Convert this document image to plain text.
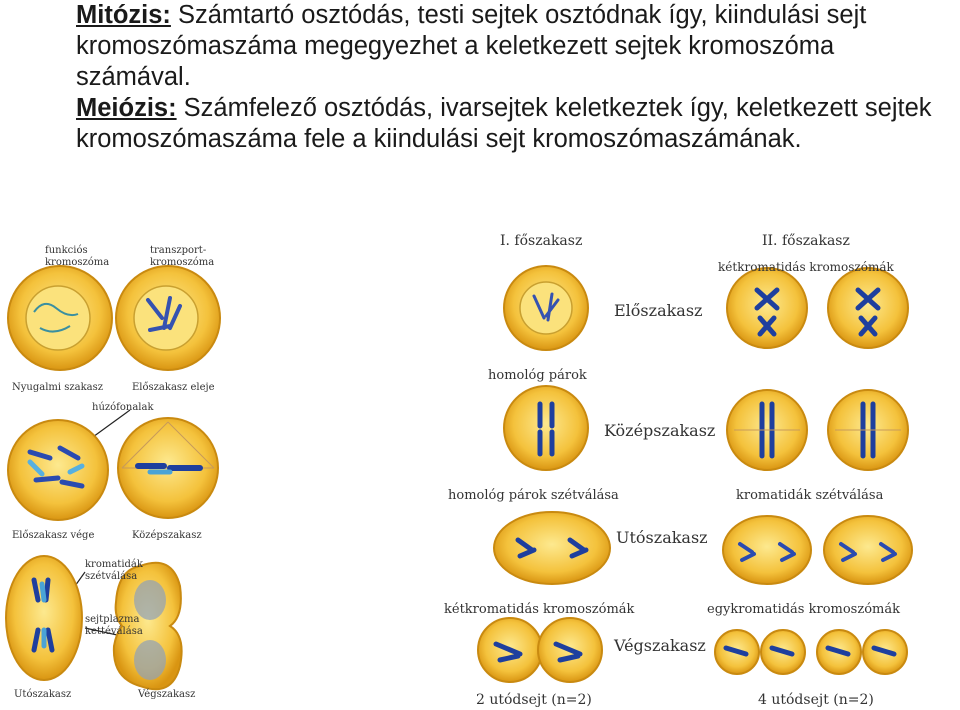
Mitózis: Számtartó osztódás, testi sejtek osztódnak így, kiindulási sejt kromoszómaszáma megegyezhet a keletkezett sejtek kromoszóma számával.

Meiózis: Számfelező osztódás, ivarsejtek keletkeztek így, keletkezett sejtek kromoszómaszáma fele a kiindulási sejt kromoszómaszámának.

funkciós
kromoszóma
transzport-
kromoszóma
Nyugalmi szakasz	Előszakasz eleje
húzófonalak
Előszakasz vége	Középszakasz
kromatidák
szétválása
sejtplazma
kettéválása
Utószakasz	Végszakasz
I. főszakasz	II. főszakasz
kétkromatidás kromoszómák
Előszakasz
homológ párok
Középszakasz
homológ párok szétválása	kromatidák szétválása
Utószakasz
kétkromatidás kromoszómák	egykromatidás kromoszómák
Végszakasz
2 utódsejt (n=2)	4 utódsejt (n=2)
